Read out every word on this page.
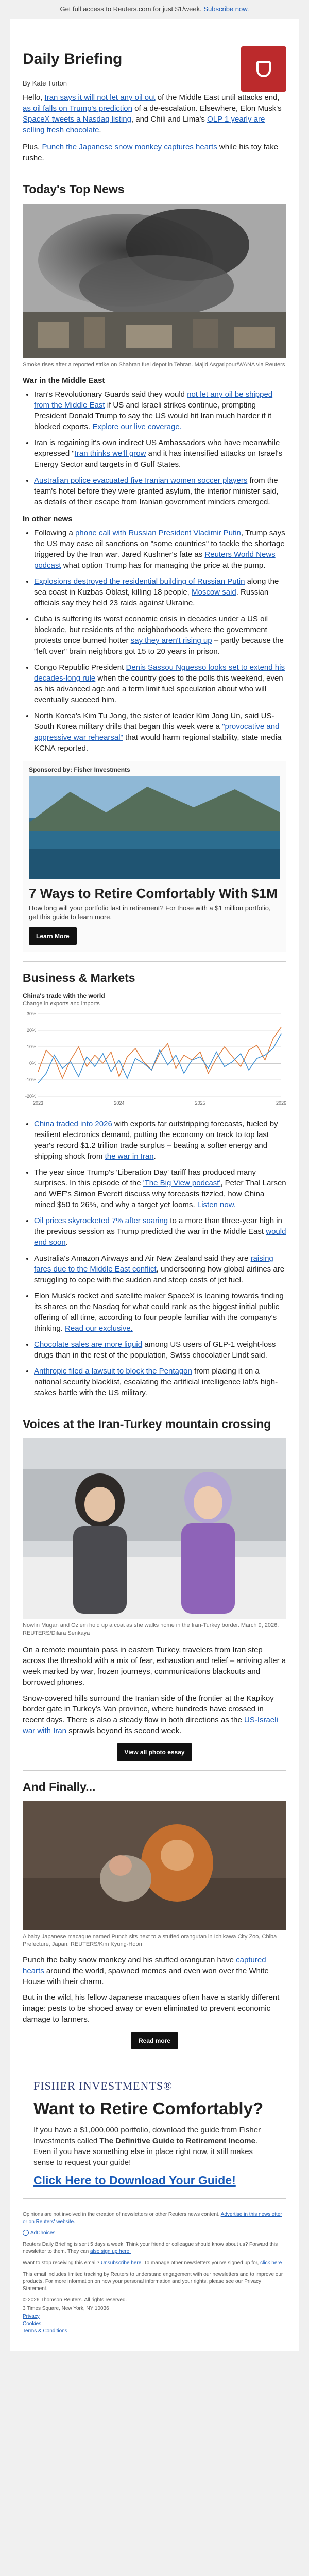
Get full access to Reuters.com for just $1/week. Subscribe now.
Daily Briefing
By Kate Turton

Hello, Iran says it will not let any oil out of the Middle East until attacks end, as oil falls on Trump's prediction of a de-escalation. Elsewhere, Elon Musk's SpaceX tweets a Nasdaq listing, and Chili and Lima's OLP 1 yearly are selling fresh chocolate.

Plus, Punch the Japanese snow monkey captures hearts while his toy fake rushe.

Today's Top News
Smoke rises after a reported strike on Shahran fuel depot in Tehran. Majid Asgaripour/WANA via Reuters
War in the Middle East
• Iran's Revolutionary Guards said they would not let any oil be shipped from the Middle East if US and Israeli strikes continue, prompting President Donald Trump to say the US would hit Iran much harder if it blocked exports. Explore our live coverage.
• Iran is regaining it's own indirect US Ambassadors who have meanwhile expressed "Iran thinks we'll grow and it has intensified attacks on Israel's Energy Sector and targets in 6 Gulf States.
• Australian police evacuated five Iranian women soccer players from the team's hotel before they were granted asylum, the interior minister said, as details of their escape from Iranian government minders emerged.
In other news
• Following a phone call with Russian President Vladimir Putin, Trump says the US may ease oil sanctions on "some countries" to tackle the shortage triggered by the Iran war. Jared Kushner's fate as Reuters World News podcast what option Trump has for managing the price at the pump.
• Explosions destroyed the residential building of Russian Putin along the sea coast in Kuzbas Oblast, killing 18 people, Moscow said. Russian officials say they held 23 raids against Ukraine.
• Cuba is suffering its worst economic crisis in decades under a US oil blockade, but residents of the neighborhoods where the government protests once burned hotter say they aren't rising up – partly because the "left over" brain neighbors got 15 to 20 years in prison.
• Congo Republic President Denis Sassou Nguesso looks set to extend his decades-long rule when the country goes to the polls this weekend, even as his advanced age and a term limit fuel speculation about who will eventually succeed him.
• North Korea's Kim Tu Jong, the sister of leader Kim Jong Un, said US-South Korea military drills that began this week were a "provocative and aggressive war rehearsal" that would harm regional stability, state media KCNA reported.
Sponsored by: Fisher Investments
7 Ways to Retire Comfortably With $1M
How long will your portfolio last in retirement? For those with a $1 million portfolio, get this guide to learn more.
Learn More
Business & Markets
China's trade with the world
Change in exports and imports
-20%
-10%
0%
10%
20%
30%
2023	2024	2025	2026
• China traded into 2026 with exports far outstripping forecasts, fueled by resilient electronics demand, putting the economy on track to top last year's record $1.2 trillion trade surplus – beating a softer energy and shipping shock from the war in Iran.
• The year since Trump's 'Liberation Day' tariff has produced many surprises. In this episode of the 'The Big View podcast', Peter Thal Larsen and WEF's Simon Everett discuss why forecasts fizzled, how China mined $50 to 26%, and why a target yet looms. Listen now.
• Oil prices skyrocketed 7% after soaring to a more than three-year high in the previous session as Trump predicted the war in the Middle East would end soon.
• Australia's Amazon Airways and Air New Zealand said they are raising fares due to the Middle East conflict, underscoring how global airlines are struggling to cope with the sudden and steep costs of jet fuel.
• Elon Musk's rocket and satellite maker SpaceX is leaning towards finding its shares on the Nasdaq for what could rank as the biggest initial public offering of all time, according to four people familiar with the company's thinking. Read our exclusive.
• Chocolate sales are more liquid among US users of GLP-1 weight-loss drugs than in the rest of the population, Swiss chocolatier Lindt said.
• Anthropic filed a lawsuit to block the Pentagon from placing it on a national security blacklist, escalating the artificial intelligence lab's high-stakes battle with the US military.
Voices at the Iran-Turkey mountain crossing
Nowlin Mugan and Ozlem hold up a coat as she walks home in the Iran-Turkey border. March 9, 2026. REUTERS/Dilara Senkaya

On a remote mountain pass in eastern Turkey, travelers from Iran step across the threshold with a mix of fear, exhaustion and relief – arriving after a week marked by war, frozen journeys, communications blackouts and borrowed phones.

Snow-covered hills surround the Iranian side of the frontier at the Kapikoy border gate in Turkey's Van province, where hundreds have crossed in recent days. There is also a steady flow in both directions as the US-Israeli war with Iran sprawls beyond its second week.

View all photo essay
And Finally...
A baby Japanese macaque named Punch sits next to a stuffed orangutan in Ichikawa City Zoo, Chiba Prefecture, Japan. REUTERS/Kim Kyung-Hoon

Punch the baby snow monkey and his stuffed orangutan have captured hearts around the world, spawned memes and even won over the White House with their charm.

But in the wild, his fellow Japanese macaques often have a starkly different image: pests to be shooed away or even eliminated to prevent economic damage to farmers.

Read more
FISHER INVESTMENTS®
Want to Retire Comfortably?

If you have a $1,000,000 portfolio, download the guide from Fisher Investments called The Definitive Guide to Retirement Income. Even if you have something else in place right now, it still makes sense to request your guide!

Click Here to Download Your Guide!

Opinions are not involved in the creation of newsletters or other Reuters news content. Advertise in this newsletter or on Reuters' website.

AdChoices

Reuters Daily Briefing is sent 5 days a week. Think your friend or colleague should know about us? Forward this newsletter to them. They can also sign up here.

Want to stop receiving this email? Unsubscribe here. To manage other newsletters you've signed up for, click here

This email includes limited tracking by Reuters to understand engagement with our newsletters and to improve our products. For more information on how your personal information and your rights, please see our Privacy Statement.

© 2026 Thomson Reuters. All rights reserved.

3 Times Square, New York, NY 10036

Privacy
Cookies
Terms & Conditions
